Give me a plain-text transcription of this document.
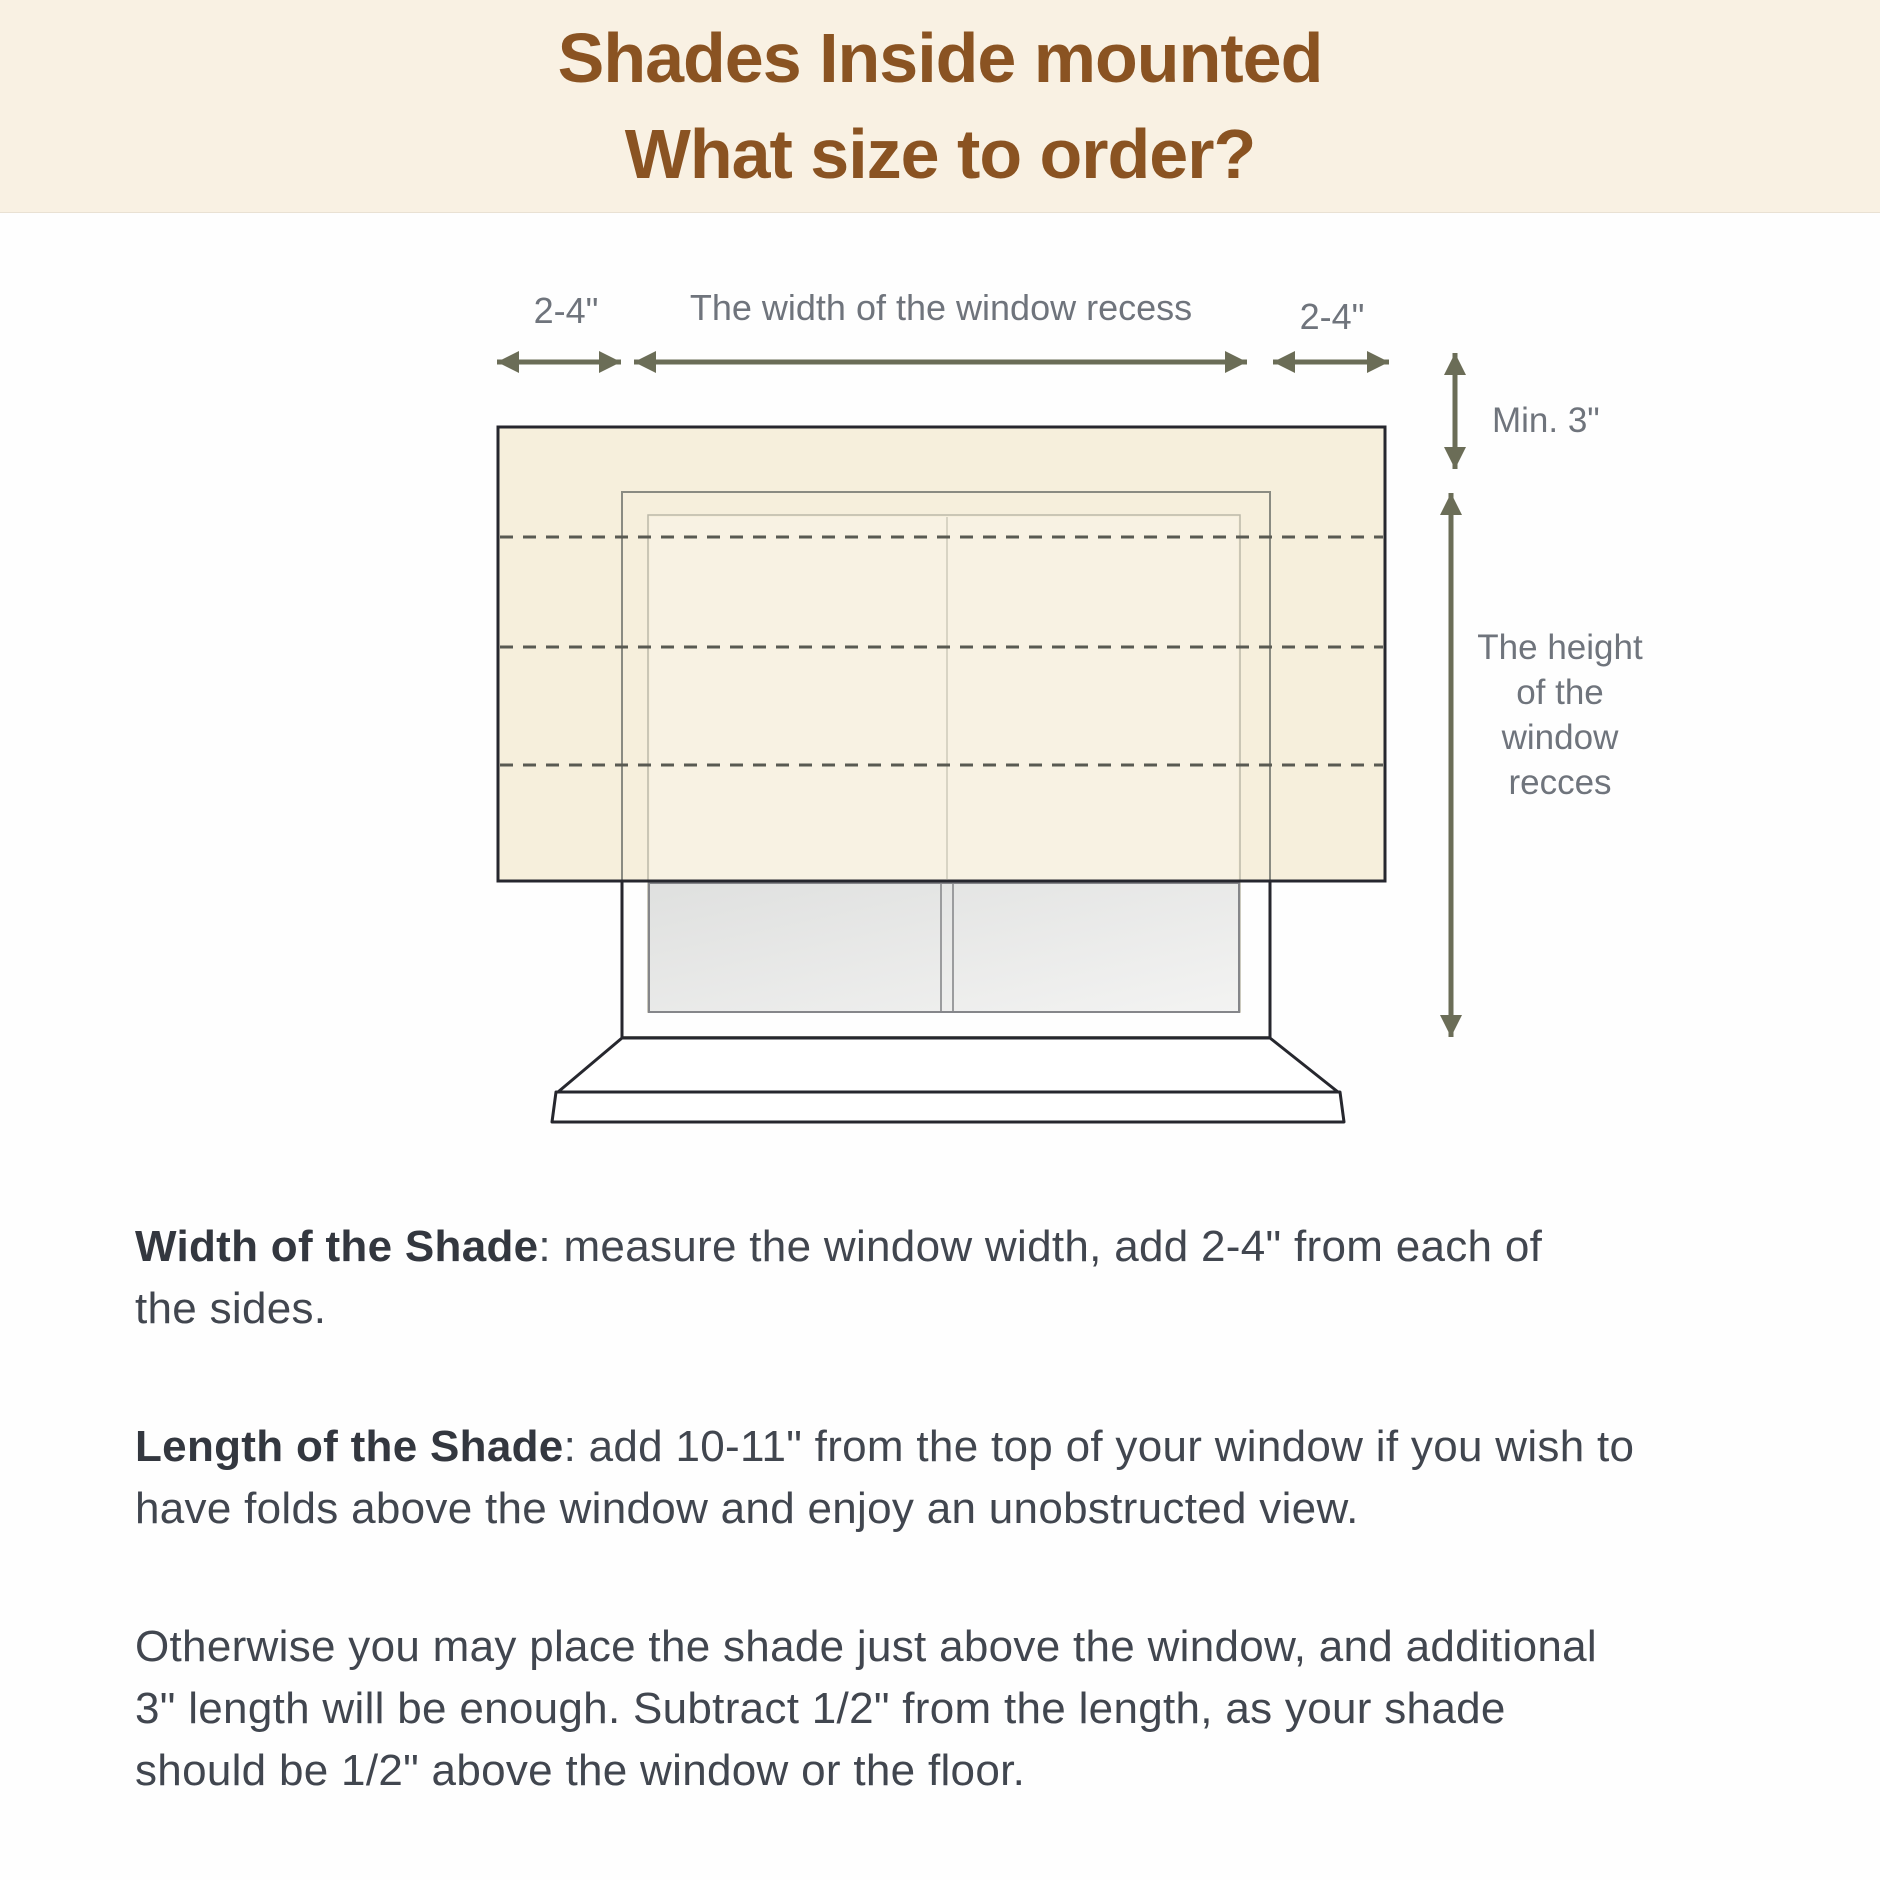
Shades Inside mounted
What size to order?
2-4"	The width of the window recess	2-4"
Min. 3"
The height
of the
window
recces
Width of the Shade: measure the window width, add 2-4" from each of
the sides.
Length of the Shade: add 10-11" from the top of your window if you wish to
have folds above the window and enjoy an unobstructed view.
Otherwise you may place the shade just above the window, and additional
3" length will be enough. Subtract 1/2" from the length, as your shade
should be 1/2" above the window or the floor.
